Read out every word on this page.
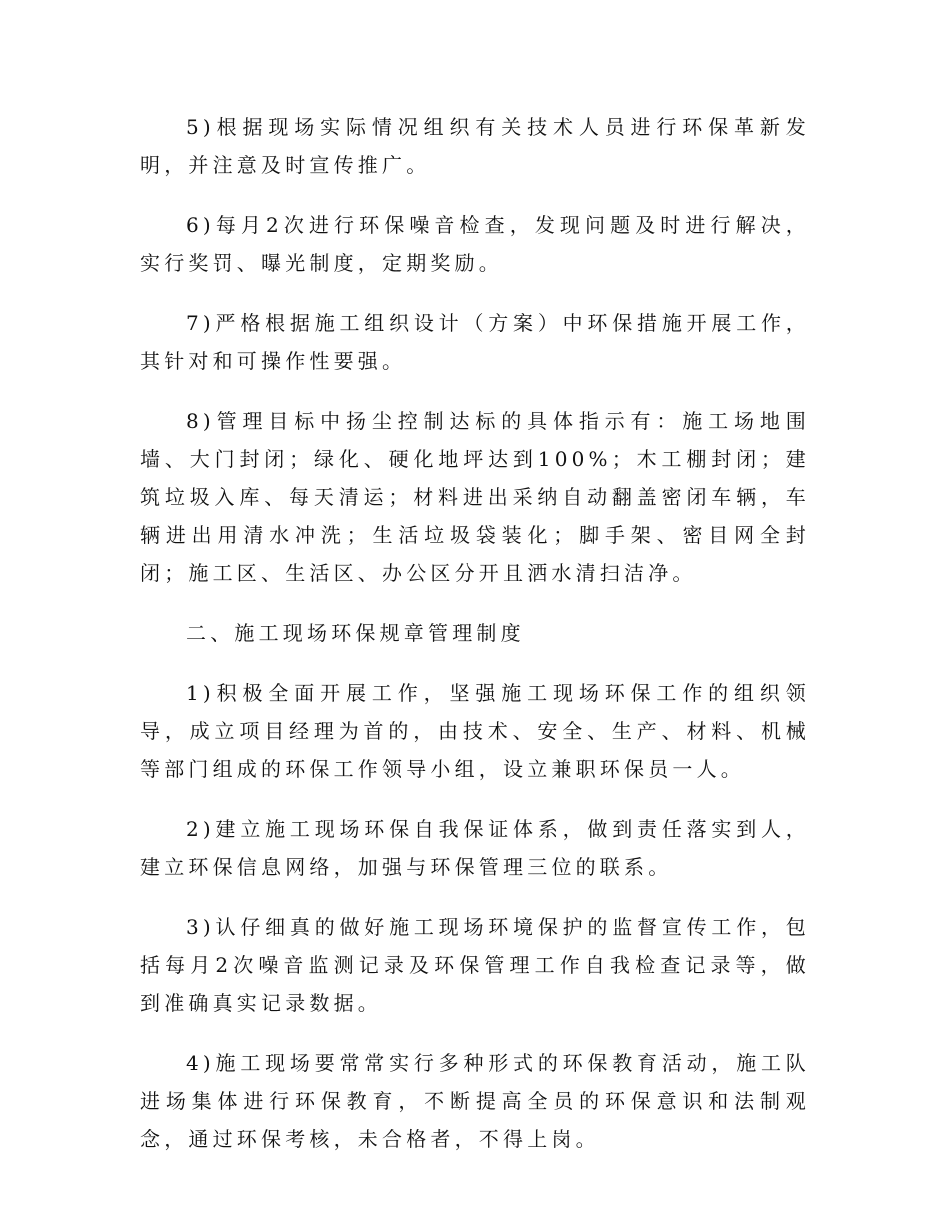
5)根据现场实际情况组织有关技术人员进行环保革新发明，并注意及时宣传推广。

6)每月2次进行环保噪音检查，发现问题及时进行解决，实行奖罚、曝光制度，定期奖励。

7)严格根据施工组织设计（方案）中环保措施开展工作，其针对和可操作性要强。

8)管理目标中扬尘控制达标的具体指示有：施工场地围墙、大门封闭；绿化、硬化地坪达到100%；木工棚封闭；建筑垃圾入库、每天清运；材料进出采纳自动翻盖密闭车辆，车辆进出用清水冲洗；生活垃圾袋装化；脚手架、密目网全封闭；施工区、生活区、办公区分开且洒水清扫洁净。

二、施工现场环保规章管理制度

1)积极全面开展工作，坚强施工现场环保工作的组织领导，成立项目经理为首的，由技术、安全、生产、材料、机械等部门组成的环保工作领导小组，设立兼职环保员一人。

2)建立施工现场环保自我保证体系，做到责任落实到人，建立环保信息网络，加强与环保管理三位的联系。

3)认仔细真的做好施工现场环境保护的监督宣传工作，包括每月2次噪音监测记录及环保管理工作自我检查记录等，做到准确真实记录数据。

4)施工现场要常常实行多种形式的环保教育活动，施工队进场集体进行环保教育，不断提高全员的环保意识和法制观念，通过环保考核，未合格者，不得上岗。
